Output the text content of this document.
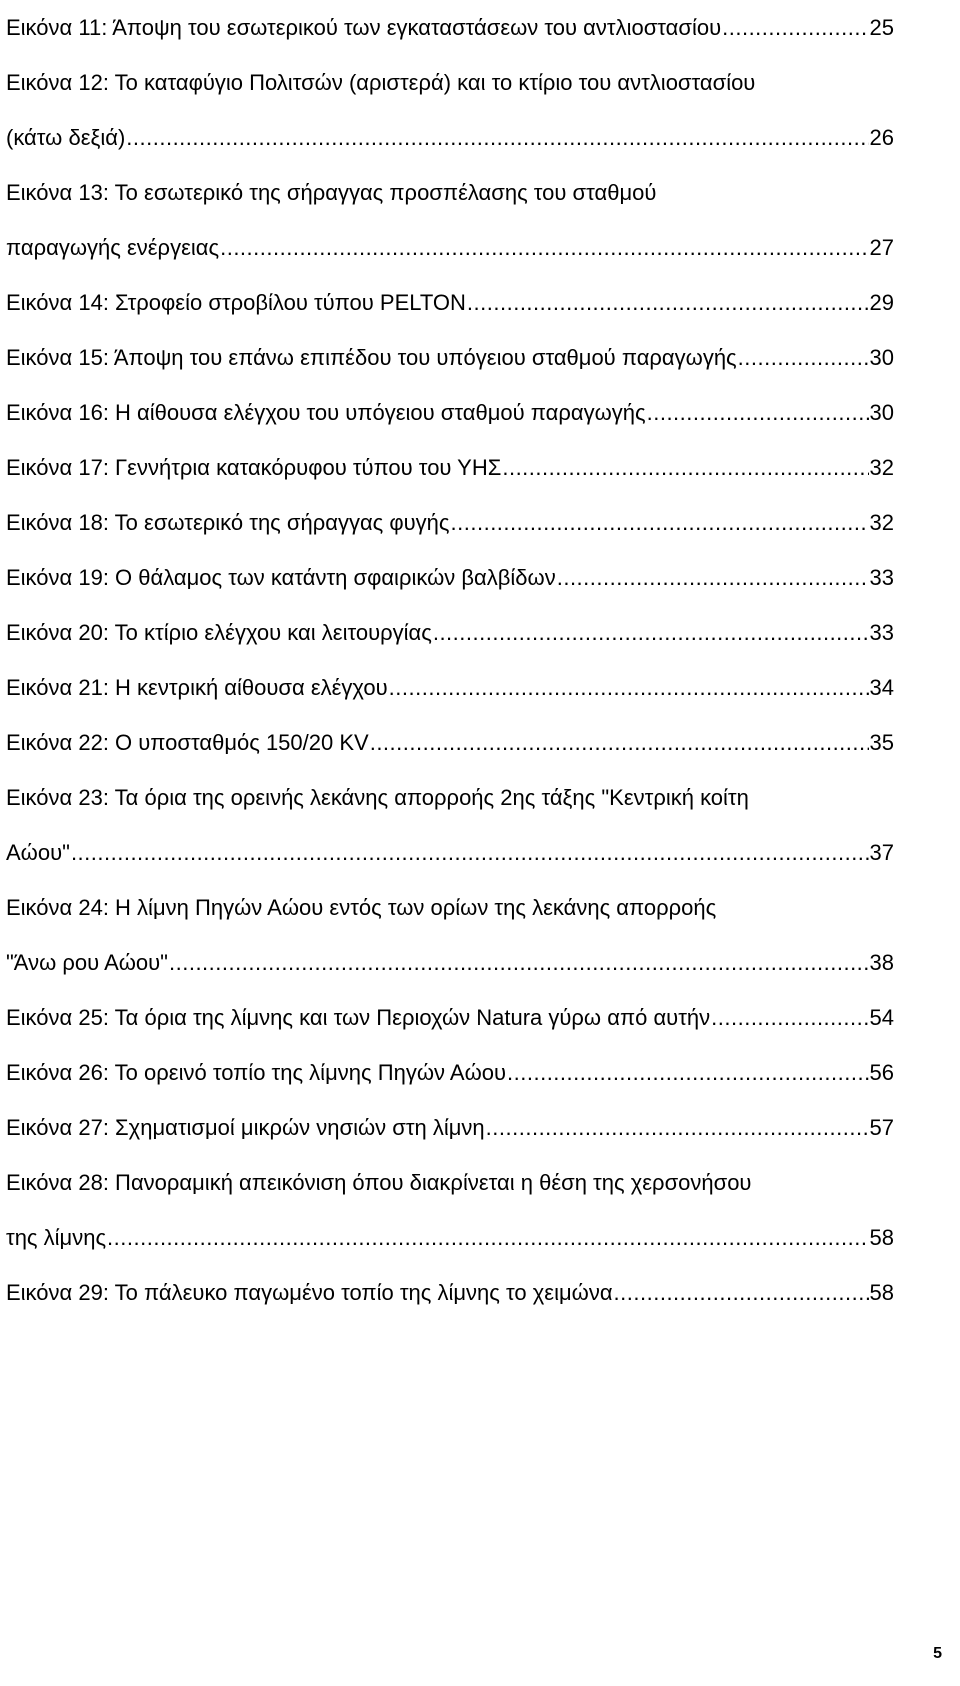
Εικόνα 11: Άποψη του εσωτερικού των εγκαταστάσεων του αντλιοστασίου .....	25
Εικόνα 12: Το καταφύγιο Πολιτσών (αριστερά) και το κτίριο του αντλιοστασίου
(κάτω δεξιά) .....	26
Εικόνα 13: Το εσωτερικό της σήραγγας προσπέλασης του σταθμού
παραγωγής ενέργειας .....	27
Εικόνα 14: Στροφείο στροβίλου τύπου PELTON .....	29
Εικόνα 15: Άποψη του επάνω επιπέδου του υπόγειου σταθμού παραγωγής .....	30
Εικόνα 16: Η αίθουσα ελέγχου του υπόγειου σταθμού παραγωγής .....	30
Εικόνα 17: Γεννήτρια κατακόρυφου τύπου του ΥΗΣ .....	32
Εικόνα 18: Το εσωτερικό της σήραγγας φυγής .....	32
Εικόνα 19: Ο θάλαμος των κατάντη σφαιρικών βαλβίδων .....	33
Εικόνα 20: Το κτίριο ελέγχου και λειτουργίας .....	33
Εικόνα 21: Η κεντρική αίθουσα ελέγχου .....	34
Εικόνα 22: Ο υποσταθμός 150/20 KV .....	35
Εικόνα 23: Τα όρια της ορεινής λεκάνης απορροής 2ης τάξης "Κεντρική κοίτη
Αώου" .....	37
Εικόνα 24: Η λίμνη Πηγών Αώου εντός των ορίων της λεκάνης απορροής
"Άνω ρου Αώου" .....	38
Εικόνα 25: Τα όρια της λίμνης και των Περιοχών Natura γύρω από αυτήν .....	54
Εικόνα 26: Το ορεινό τοπίο της λίμνης Πηγών Αώου .....	56
Εικόνα 27: Σχηματισμοί μικρών νησιών στη λίμνη .....	57
Εικόνα 28: Πανοραμική απεικόνιση όπου διακρίνεται η θέση της χερσονήσου
της λίμνης .....	58
Εικόνα 29: Το πάλευκο παγωμένο τοπίο της λίμνης το χειμώνα .....	58
5
